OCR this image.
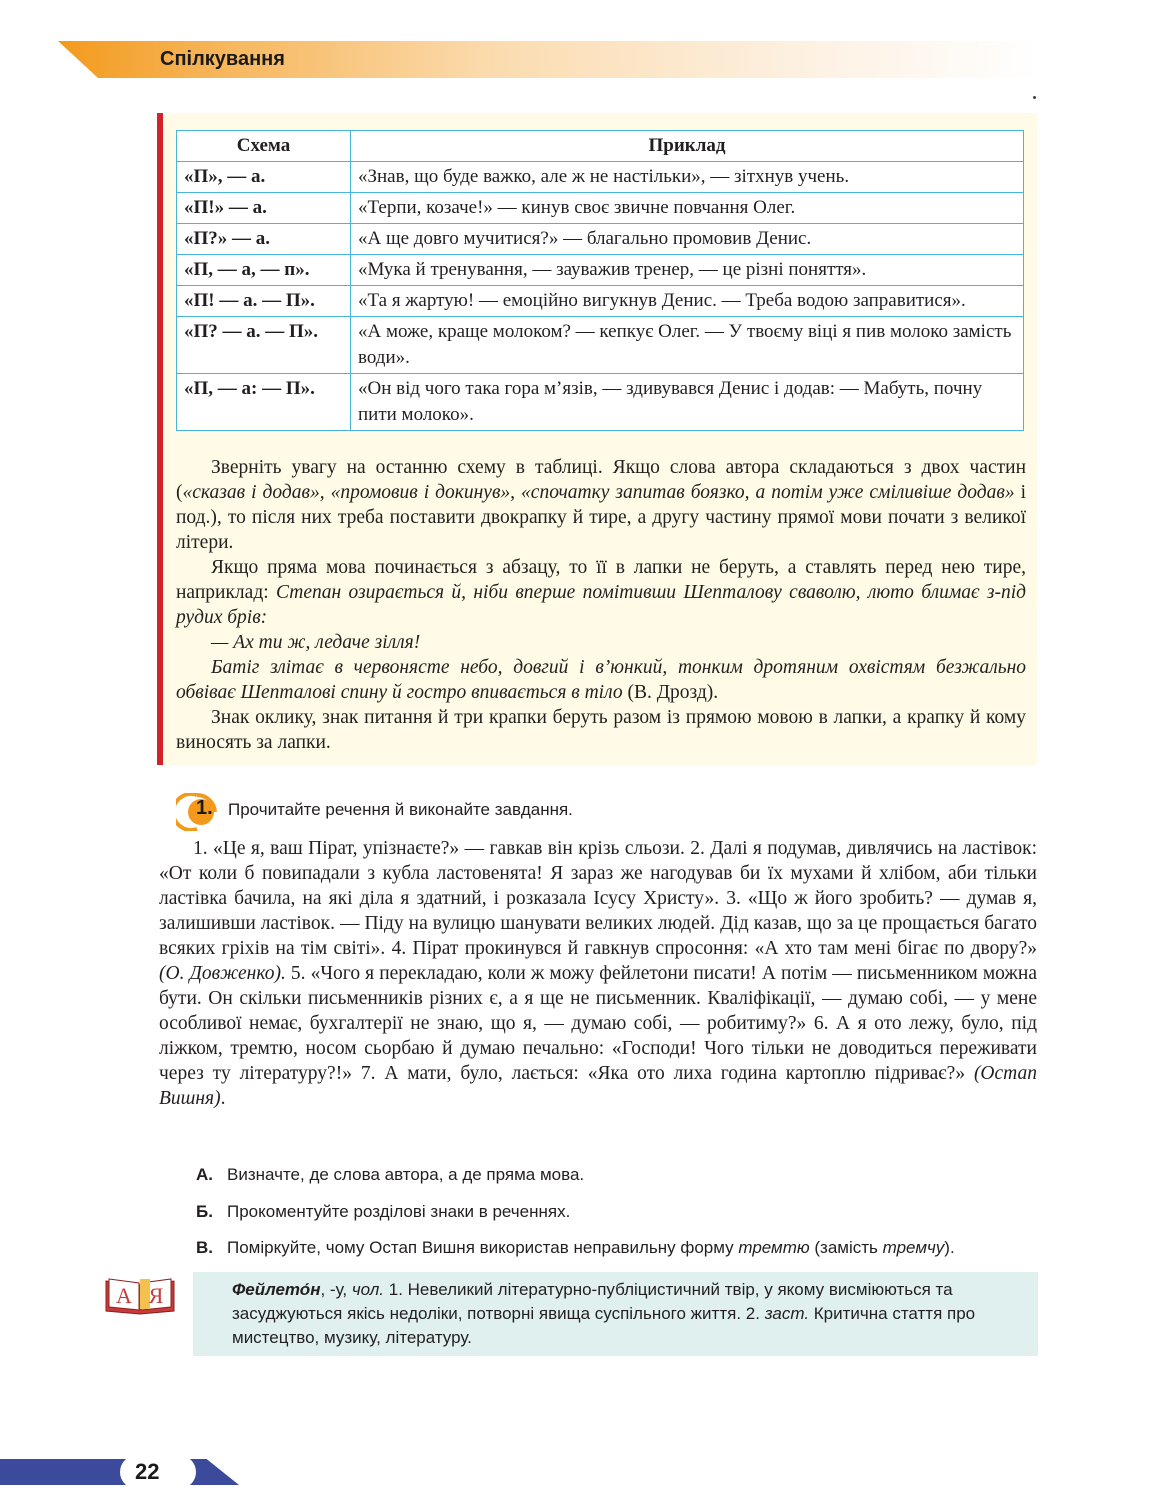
Спілкування
Схема	Приклад
«П», — а.	«Знав, що буде важко, але ж не настільки», — зітхнув учень.
«П!» — а.	«Терпи, козаче!» — кинув своє звичне повчання Олег.
«П?» — а.	«А ще довго мучитися?» — благально промовив Денис.
«П, — а, — п».	«Мука й тренування, — зауважив тренер, — це різні поняття».
«П! — а. — П».	«Та я жартую! — емоційно вигукнув Денис. — Треба водою заправитися».
«П? — а. — П».	«А може, краще молоком? — кепкує Олег. — У твоєму віці я пив молоко замість води».
«П, — а: — П».	«Он від чого така гора м’язів, — здивувався Денис і додав: — Мабуть, почну пити молоко».

Зверніть увагу на останню схему в таблиці. Якщо слова автора складаються з двох частин («сказав і додав», «промовив і докинув», «спочатку запитав боязко, а потім уже сміливіше додав» і под.), то після них треба поставити двокрапку й тире, а другу частину прямої мови почати з великої літери.

Якщо пряма мова починається з абзацу, то її в лапки не беруть, а ставлять перед нею тире, наприклад: Степан озирається й, ніби вперше помітивши Шепталову сваволю, люто блимає з-під рудих брів:

— Ах ти ж, ледаче зілля!

Батіг злітає в червонясте небо, довгий і в’юнкий, тонким дротяним охвістям безжально обвіває Шепталові спину й гостро впивається в тіло (В. Дрозд).

Знак оклику, знак питання й три крапки беруть разом із прямою мовою в лапки, а крапку й кому виносять за лапки.

1. Прочитайте речення й виконайте завдання.

1. «Це я, ваш Пірат, упізнаєте?» — гавкав він крізь сльози. 2. Далі я подумав, дивлячись на ластівок: «От коли б повипадали з кубла ластовенята! Я зараз же нагодував би їх мухами й хлібом, аби тільки ластівка бачила, на які діла я здатний, і розказала Ісусу Христу». 3. «Що ж його зробить? — думав я, залишивши ластівок. — Піду на вулицю шанувати великих людей. Дід казав, що за це прощається багато всяких гріхів на тім світі». 4. Пірат прокинувся й гавкнув спросоння: «А хто там мені бігає по двору?» (О. Довженко). 5. «Чого я перекладаю, коли ж можу фейлетони писати! А потім — письменником можна бути. Он скільки письменників різних є, а я ще не письменник. Кваліфікації, — думаю собі, — у мене особливої немає, бухгалтерії не знаю, що я, — думаю собі, — робитиму?» 6. А я ото лежу, було, під ліжком, тремтю, носом сьорбаю й думаю печально: «Господи! Чого тільки не доводиться переживати через ту літературу?!» 7. А мати, було, лається: «Яка ото лиха година картоплю підриває?» (Остап Вишня).

А. Визначте, де слова автора, а де пряма мова.
Б. Прокоментуйте розділові знаки в реченнях.
В. Поміркуйте, чому Остап Вишня використав неправильну форму тремтю (замість тремчу).
А Я	Фейлето́н, -у, чол. 1. Невеликий літературно-публіцистичний твір, у якому висміюються та засуджуються якісь недоліки, потворні явища суспільного життя. 2. заст. Критична стаття про мистецтво, музику, літературу.
22
